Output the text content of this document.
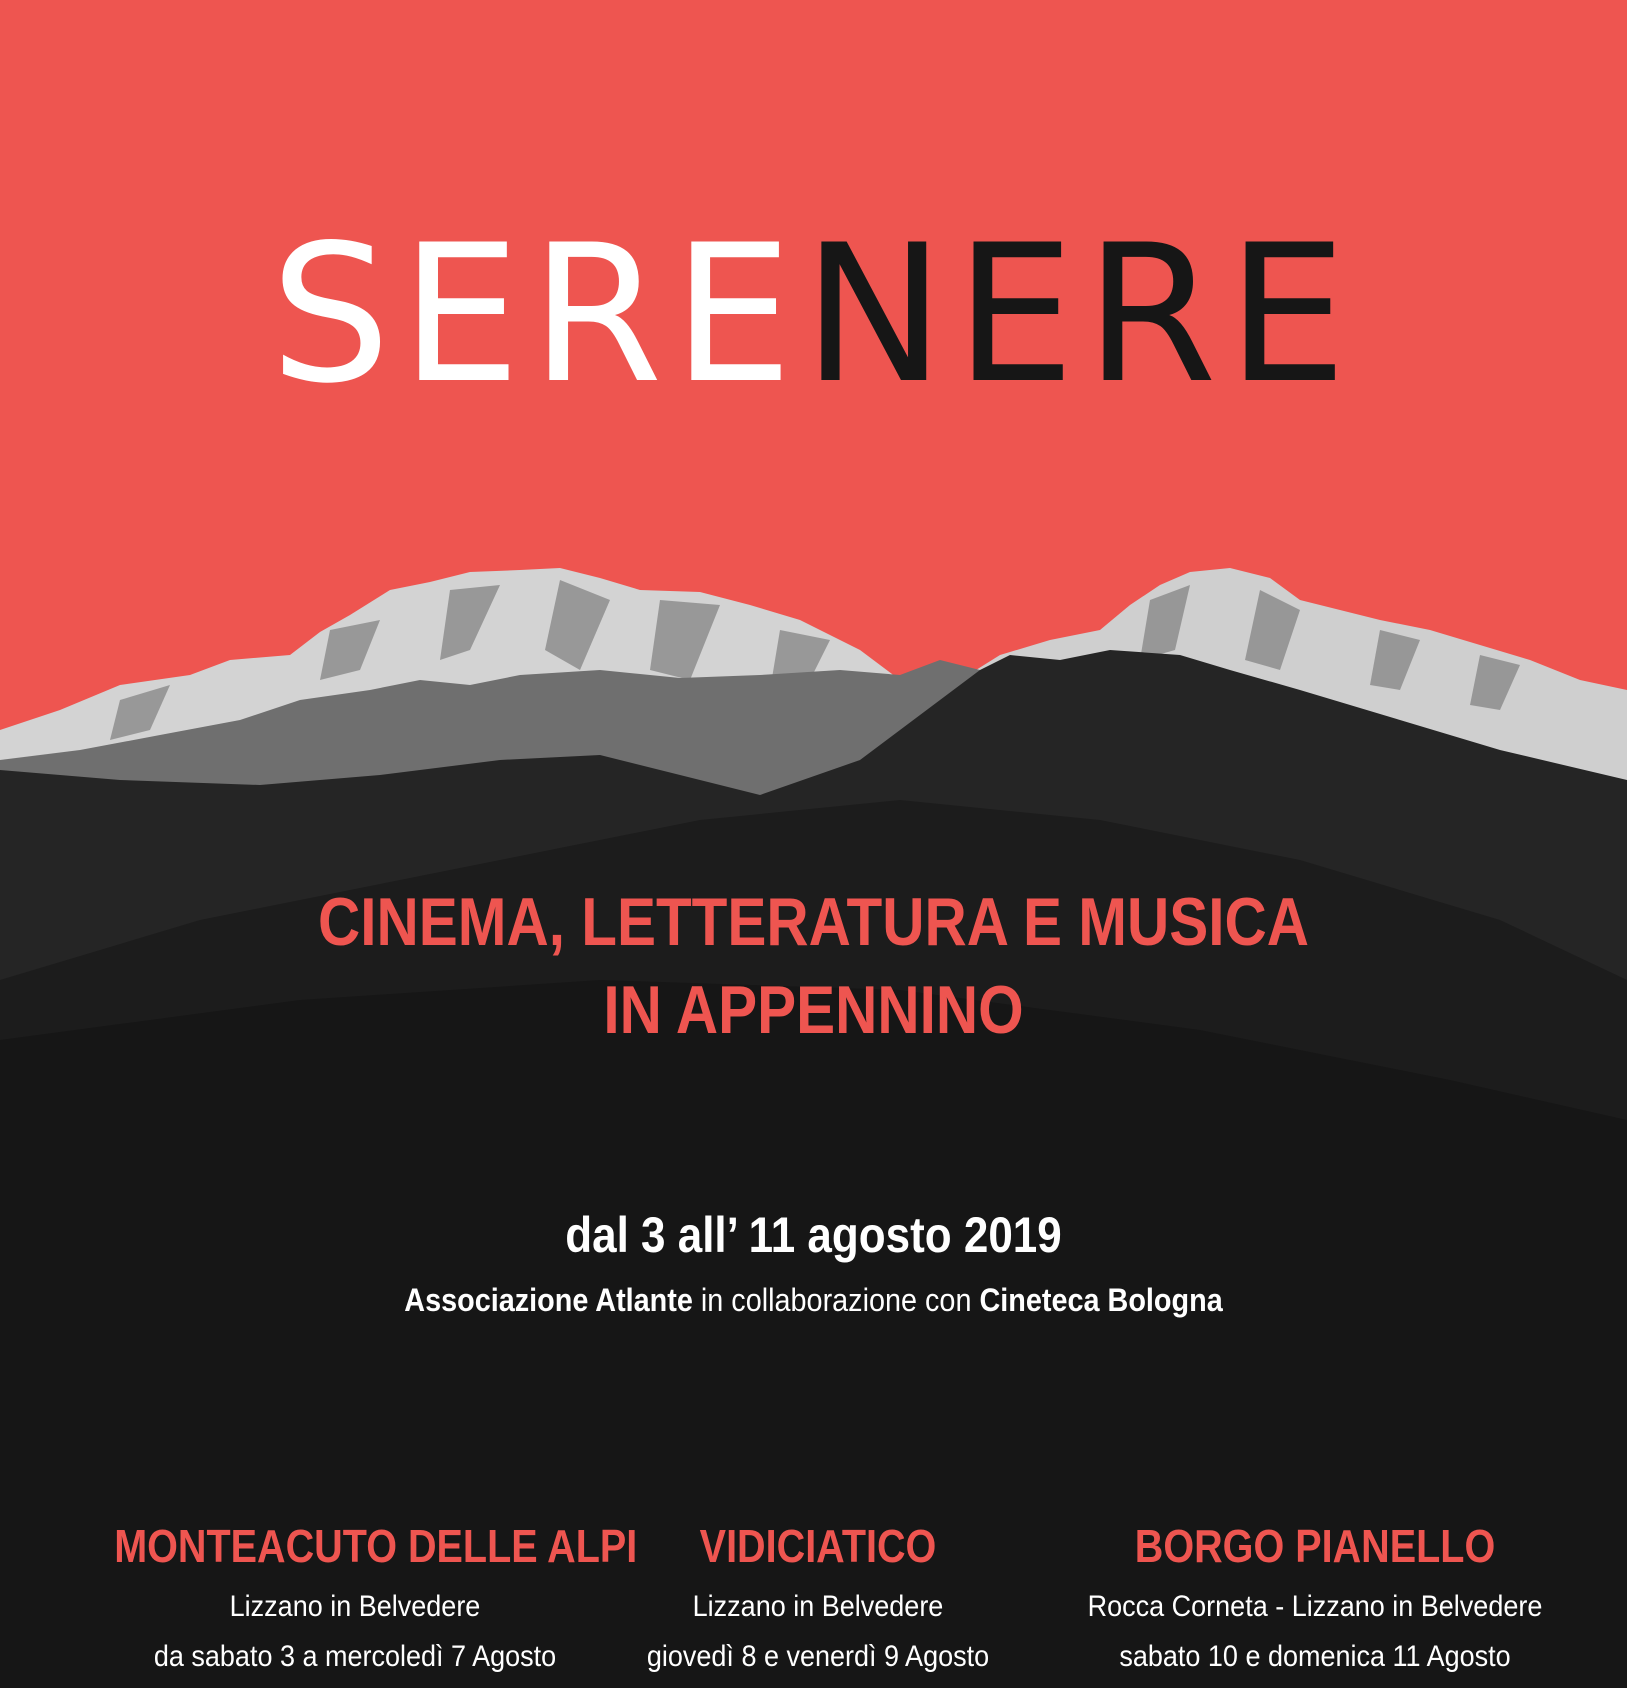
SERENERE
CINEMA, LETTERATURA E MUSICA
IN APPENNINO
dal 3 all’ 11 agosto 2019
Associazione Atlante in collaborazione con Cineteca Bologna
MONTEACUTO DELLE ALPI
Lizzano in Belvedere
da sabato 3 a mercoledì 7 Agosto
VIDICIATICO
Lizzano in Belvedere
giovedì 8 e venerdì 9 Agosto
BORGO PIANELLO
Rocca Corneta - Lizzano in Belvedere
sabato 10 e domenica 11 Agosto
